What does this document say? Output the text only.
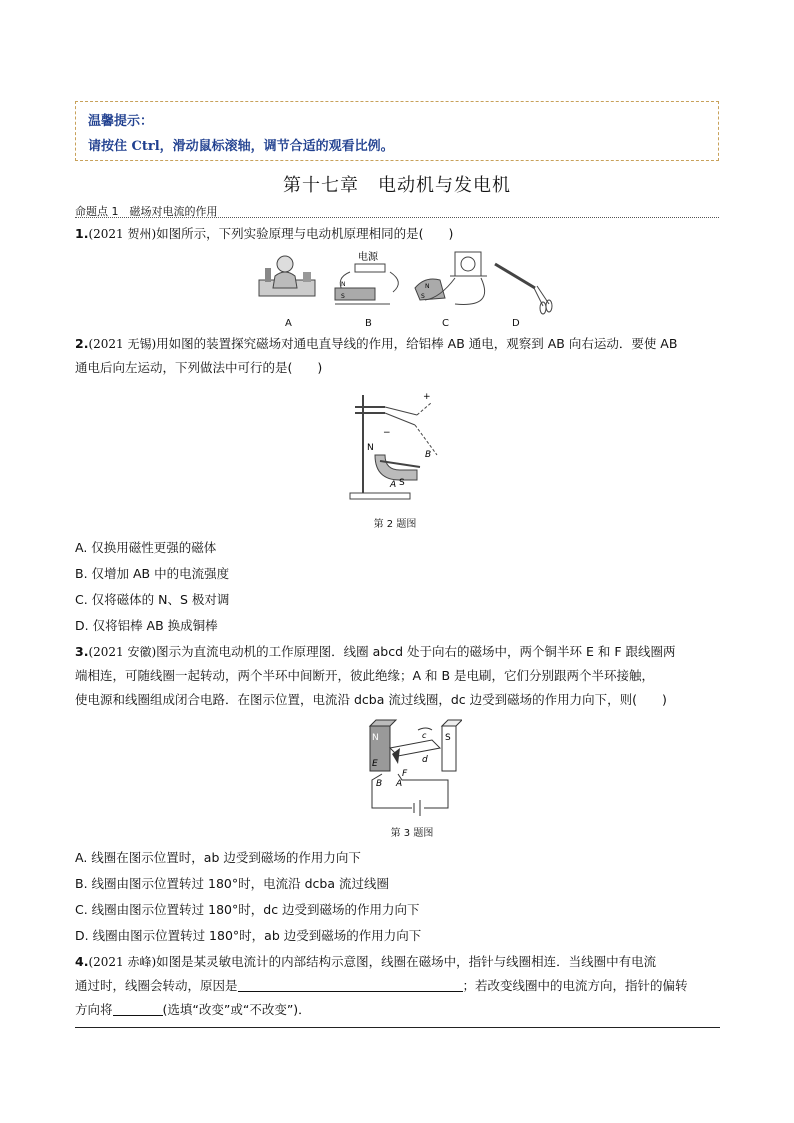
温馨提示：
请按住 Ctrl，滑动鼠标滚轴，调节合适的观看比例。
第十七章　电动机与发电机
命题点 1　磁场对电流的作用
1.(2021 贺州)如图所示，下列实验原理与电动机原理相同的是(　　)
电源
N
S
N
S
A	B	C	D
2.(2021 无锡)用如图的装置探究磁场对通电直导线的作用，给铝棒 AB 通电，观察到 AB 向右运动．要使 AB
通电后向左运动，下列做法中可行的是(　　)
N
S
A
B
+
−
第 2 题图
A. 仅换用磁性更强的磁体
B. 仅增加 AB 中的电流强度
C. 仅将磁体的 N、S 极对调
D. 仅将铝棒 AB 换成铜棒
3.(2021 安徽)图示为直流电动机的工作原理图．线圈 abcd 处于向右的磁场中，两个铜半环 E 和 F 跟线圈两
端相连，可随线圈一起转动，两个半环中间断开，彼此绝缘；A 和 B 是电刷，它们分别跟两个半环接触，
使电源和线圈组成闭合电路．在图示位置，电流沿 dcba 流过线圈，dc 边受到磁场的作用力向下，则(　　)
N	S
E
F
d
c
B A
第 3 题图
A. 线圈在图示位置时，ab 边受到磁场的作用力向下
B. 线圈由图示位置转过 180°时，电流沿 dcba 流过线圈
C. 线圈由图示位置转过 180°时，dc 边受到磁场的作用力向下
D. 线圈由图示位置转过 180°时，ab 边受到磁场的作用力向下
4.(2021 赤峰)如图是某灵敏电流计的内部结构示意图，线圈在磁场中，指针与线圈相连．当线圈中有电流
通过时，线圈会转动，原因是	；若改变线圈中的电流方向，指针的偏转
方向将	(选填“改变”或“不改变”)．
